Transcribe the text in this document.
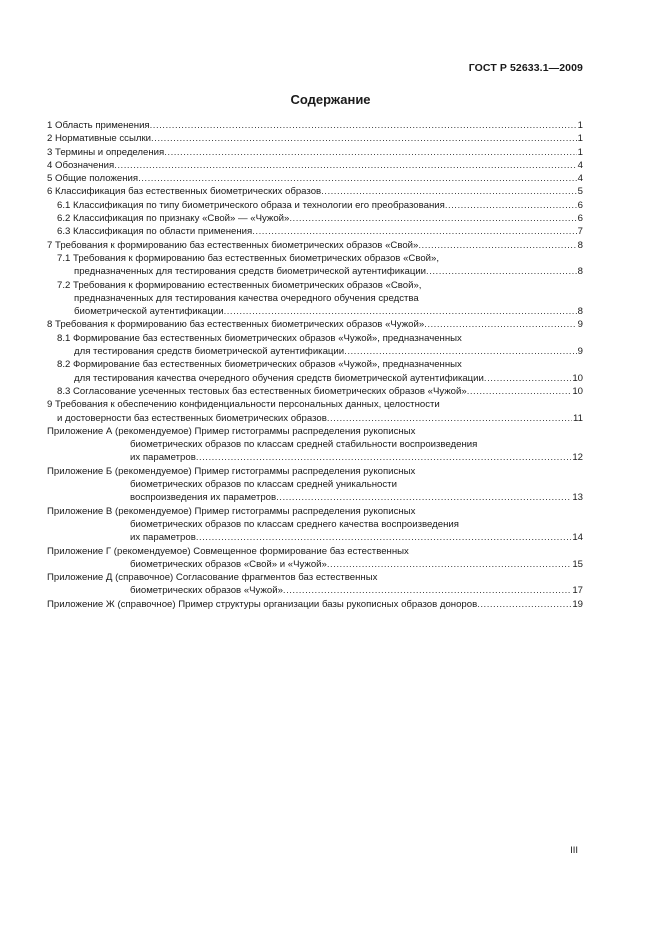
ГОСТ Р 52633.1—2009
Содержание
1 Область применения .....	1
2 Нормативные ссылки .....	1
3 Термины и определения .....	1
4 Обозначения .....	4
5 Общие положения .....	4
6 Классификация баз естественных биометрических образов .....	5
6.1 Классификация по типу биометрического образа и технологии его преобразования .....	6
6.2 Классификация по признаку «Свой» — «Чужой» .....	6
6.3 Классификация по области применения .....	7
7 Требования к формированию баз естественных биометрических образов «Свой» .....	8
7.1 Требования к формированию баз естественных биометрических образов «Свой»,
предназначенных для тестирования средств биометрической аутентификации .....	8
7.2 Требования к формированию естественных биометрических образов «Свой»,
предназначенных для тестирования качества очередного обучения средства
биометрической аутентификации .....	8
8 Требования к формированию баз естественных биометрических образов «Чужой» .....	9
8.1 Формирование баз естественных биометрических образов «Чужой», предназначенных
для тестирования средств биометрической аутентификации .....	9
8.2 Формирование баз естественных биометрических образов «Чужой», предназначенных
для тестирования качества очередного обучения средств биометрической аутентификации .....	10
8.3 Согласование усеченных тестовых баз естественных биометрических образов «Чужой» .....	10
9 Требования к обеспечению конфиденциальности персональных данных, целостности
и достоверности баз естественных биометрических образов .....	11
Приложение А (рекомендуемое) Пример гистограммы распределения рукописных
биометрических образов по классам средней стабильности воспроизведения
их параметров .....	12
Приложение Б (рекомендуемое) Пример гистограммы распределения рукописных
биометрических образов по классам средней уникальности
воспроизведения их параметров .....	13
Приложение В (рекомендуемое) Пример гистограммы распределения рукописных
биометрических образов по классам среднего качества воспроизведения
их параметров .....	14
Приложение Г (рекомендуемое) Совмещенное формирование баз естественных
биометрических образов «Свой» и «Чужой» .....	15
Приложение Д (справочное) Согласование фрагментов баз естественных
биометрических образов «Чужой» .....	17
Приложение Ж (справочное) Пример структуры организации базы рукописных образов доноров .....	19
III
